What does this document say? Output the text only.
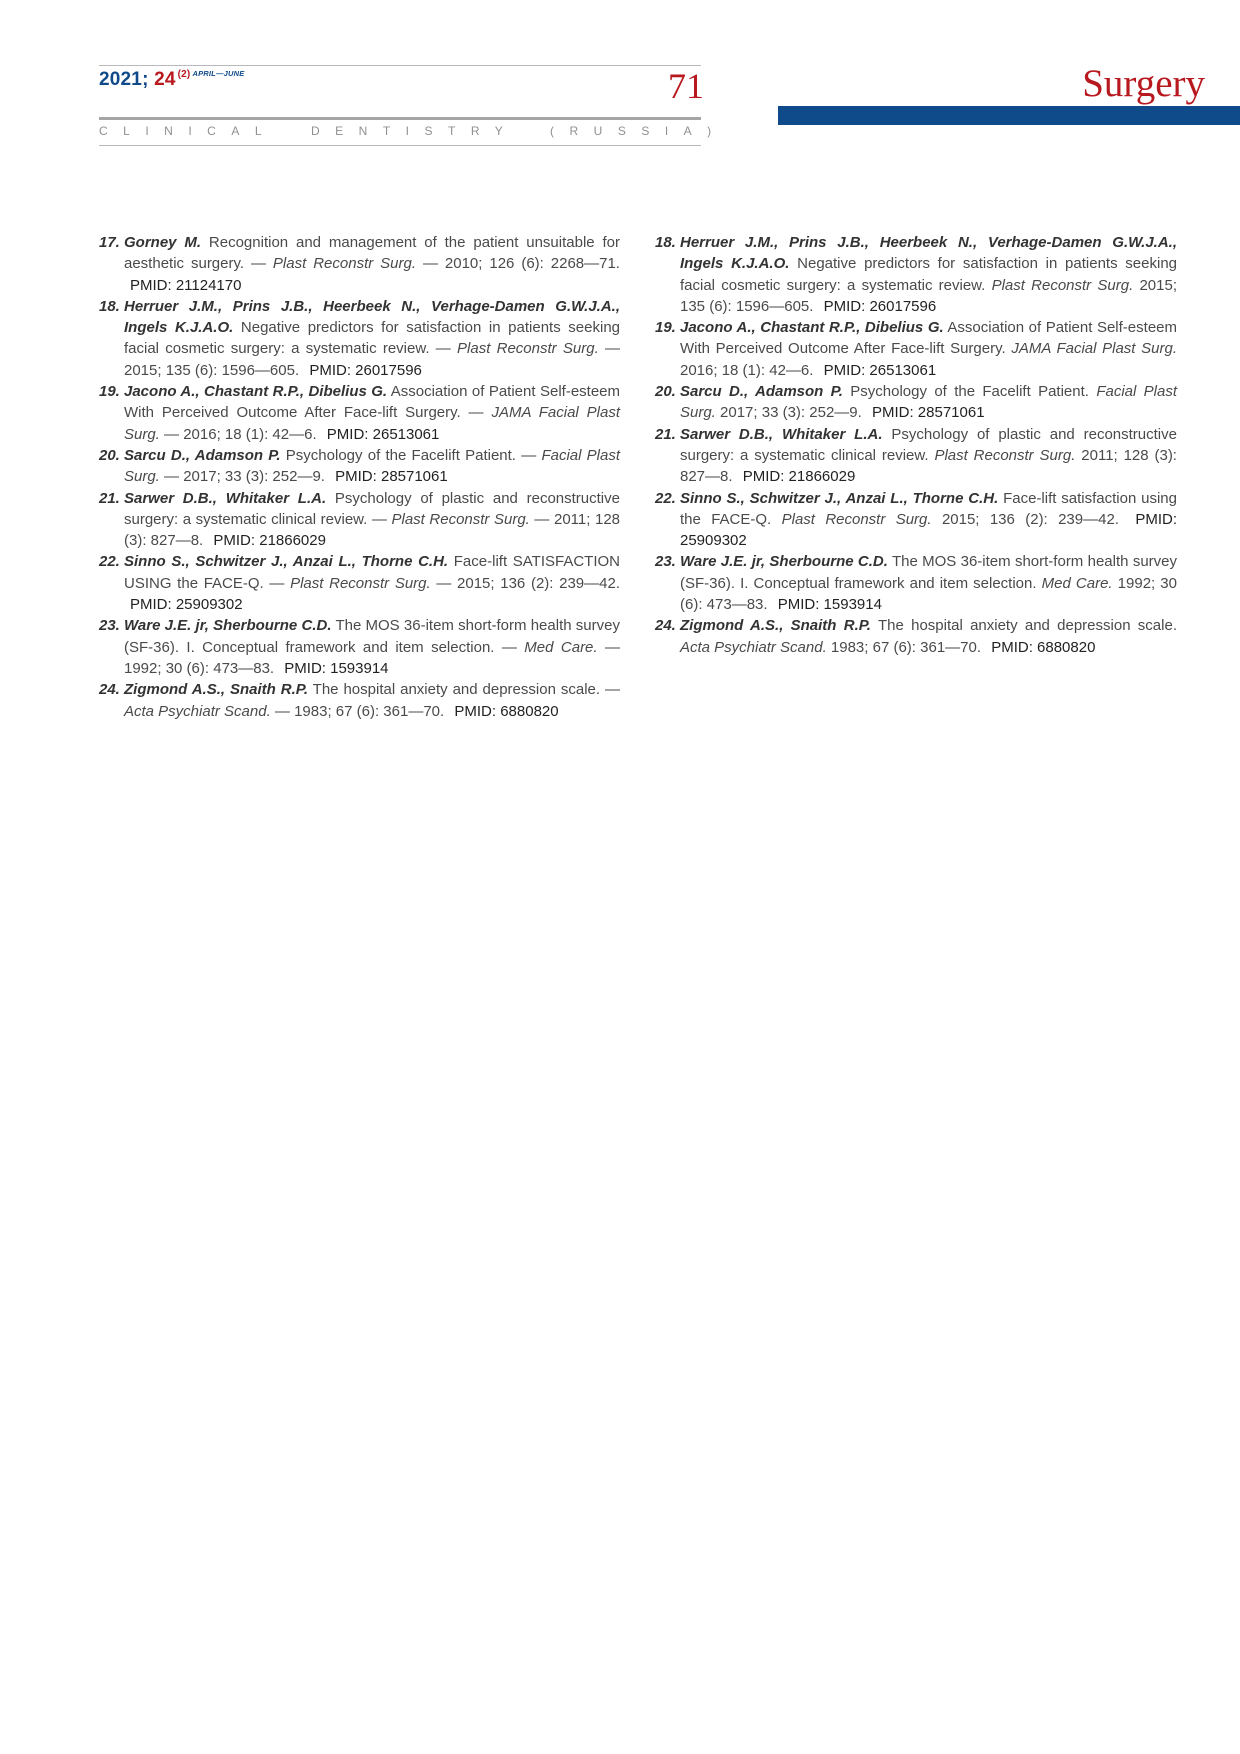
2021; 24 $^{(2)}$ $^{APRIL—JUNE}$	71
CLINICAL	DENTISTRY	(RUSSIA)
Surgery
17. Gorney M. Recognition and management of the patient unsuitable for aesthetic surgery. — Plast Reconstr Surg. — 2010; 126 (6): 2268—71. PMID: 21124170
18. Herruer J.M., Prins J.B., Heerbeek N., Verhage-Damen G.W.J.A., Ingels K.J.A.O. Negative predictors for satisfaction in patients seeking facial cosmetic surgery: a systematic review. — Plast Reconstr Surg. — 2015; 135 (6): 1596—605. PMID: 26017596
19. Jacono A., Chastant R.P., Dibelius G. Association of Patient Self-esteem With Perceived Outcome After Face-lift Surgery. — JAMA Facial Plast Surg. — 2016; 18 (1): 42—6. PMID: 26513061
20. Sarcu D., Adamson P. Psychology of the Facelift Patient. — Facial Plast Surg. — 2017; 33 (3): 252—9. PMID: 28571061
21. Sarwer D.B., Whitaker L.A. Psychology of plastic and reconstructive surgery: a systematic clinical review. — Plast Reconstr Surg. — 2011; 128 (3): 827—8. PMID: 21866029
22. Sinno S., Schwitzer J., Anzai L., Thorne C.H. Face-lift SATISFACTION USING the FACE-Q. — Plast Reconstr Surg. — 2015; 136 (2): 239—42. PMID: 25909302
23. Ware J.E. jr, Sherbourne C.D. The MOS 36-item short-form health survey (SF-36). I. Conceptual framework and item selection. — Med Care. — 1992; 30 (6): 473—83. PMID: 1593914
24. Zigmond A.S., Snaith R.P. The hospital anxiety and depression scale. — Acta Psychiatr Scand. — 1983; 67 (6): 361—70. PMID: 6880820
18. Herruer J.M., Prins J.B., Heerbeek N., Verhage-Damen G.W.J.A., Ingels K.J.A.O. Negative predictors for satisfaction in patients seeking facial cosmetic surgery: a systematic review. Plast Reconstr Surg. 2015; 135 (6): 1596—605. PMID: 26017596
19. Jacono A., Chastant R.P., Dibelius G. Association of Patient Self-esteem With Perceived Outcome After Face-lift Surgery. JAMA Facial Plast Surg. 2016; 18 (1): 42—6. PMID: 26513061
20. Sarcu D., Adamson P. Psychology of the Facelift Patient. Facial Plast Surg. 2017; 33 (3): 252—9. PMID: 28571061
21. Sarwer D.B., Whitaker L.A. Psychology of plastic and reconstructive surgery: a systematic clinical review. Plast Reconstr Surg. 2011; 128 (3): 827—8. PMID: 21866029
22. Sinno S., Schwitzer J., Anzai L., Thorne C.H. Face-lift satisfaction using the FACE-Q. Plast Reconstr Surg. 2015; 136 (2): 239—42. PMID: 25909302
23. Ware J.E. jr, Sherbourne C.D. The MOS 36-item short-form health survey (SF-36). I. Conceptual framework and item selection. Med Care. 1992; 30 (6): 473—83. PMID: 1593914
24. Zigmond A.S., Snaith R.P. The hospital anxiety and depression scale. Acta Psychiatr Scand. 1983; 67 (6): 361—70. PMID: 6880820
